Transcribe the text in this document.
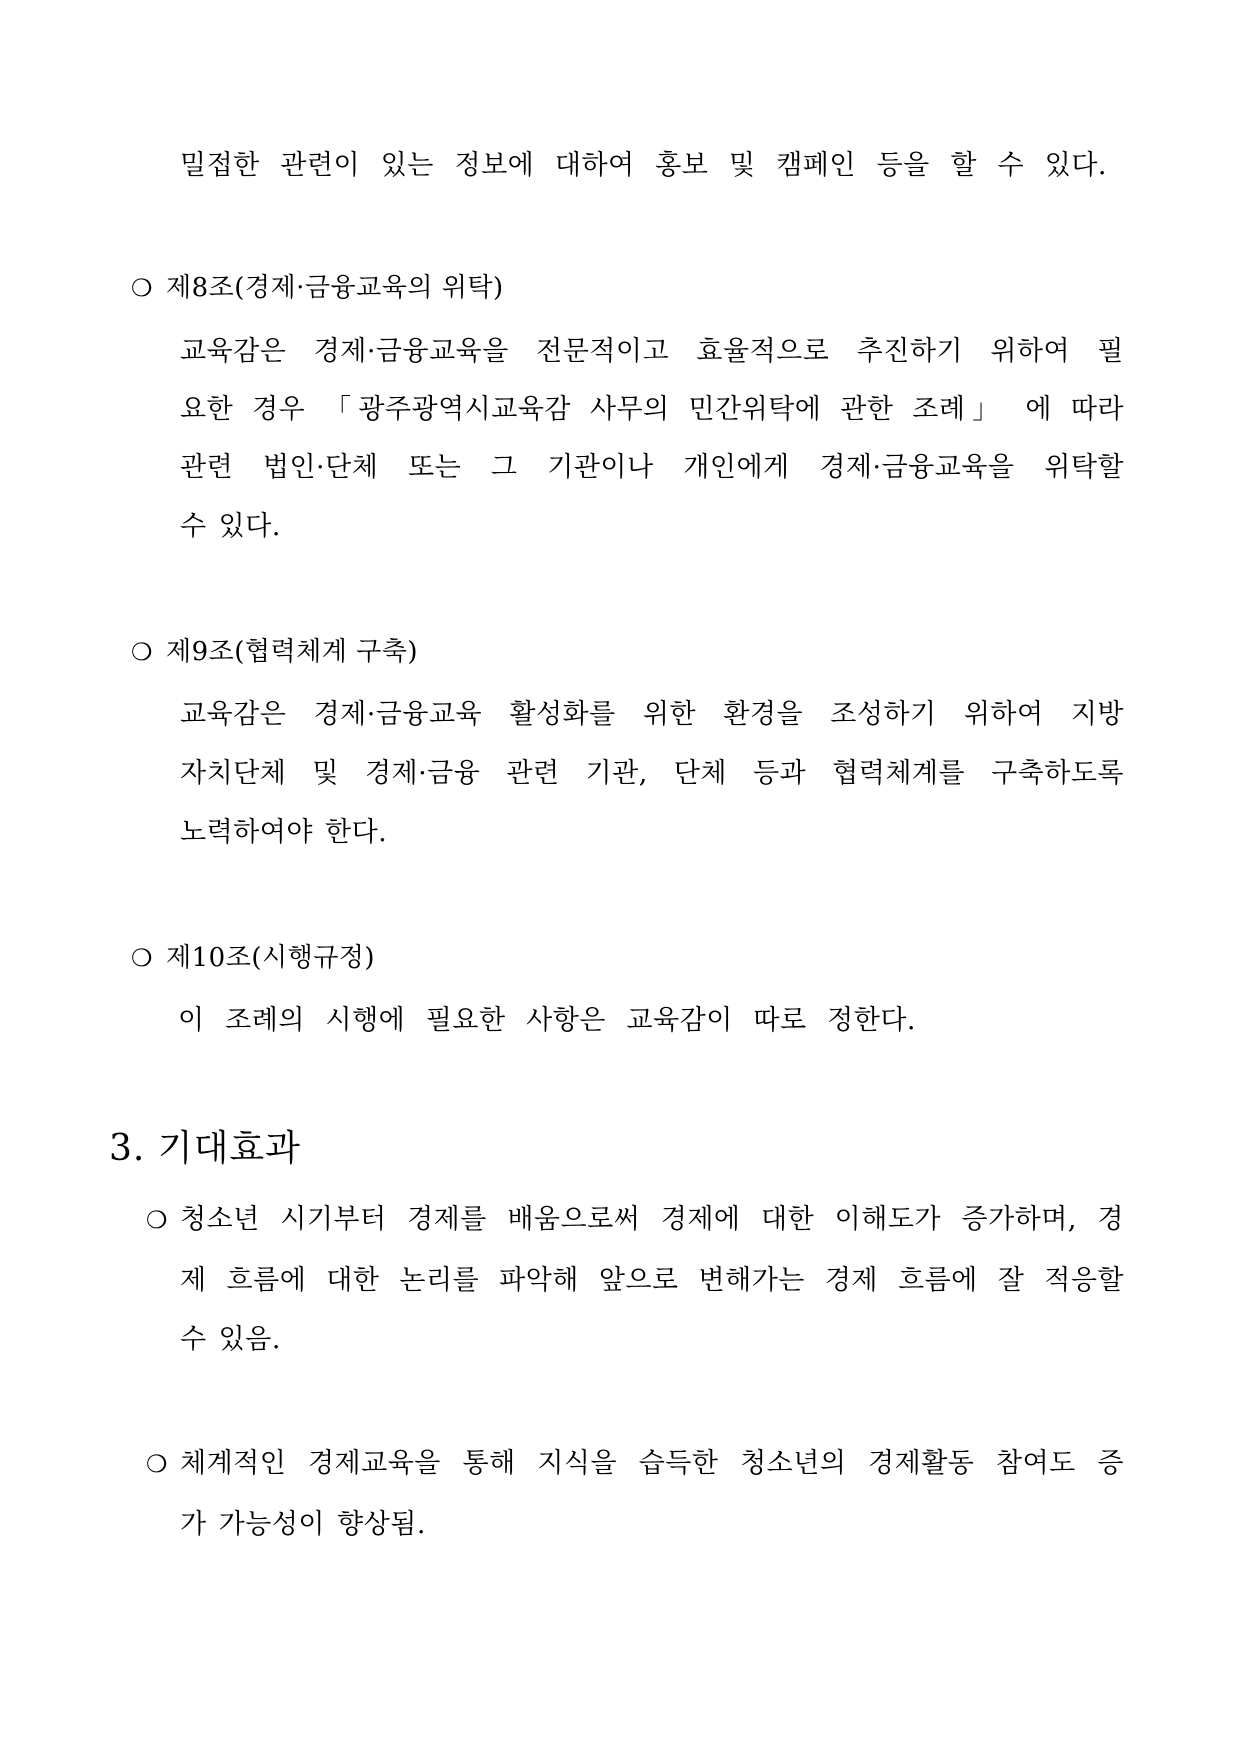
밀접한 관련이 있는 정보에 대하여 홍보 및 캠페인 등을 할 수 있다.
❍ 제8조(경제·금융교육의 위탁)
교육감은 경제·금융교육을 전문적이고 효율적으로 추진하기 위하여 필
요한 경우 「광주광역시교육감 사무의 민간위탁에 관한 조례」 에 따라
관련 법인·단체 또는 그 기관이나 개인에게 경제·금융교육을 위탁할
수 있다.
❍ 제9조(협력체계 구축)
교육감은 경제·금융교육 활성화를 위한 환경을 조성하기 위하여 지방
자치단체 및 경제·금융 관련 기관, 단체 등과 협력체계를 구축하도록
노력하여야 한다.
❍ 제10조(시행규정)
이 조례의 시행에 필요한 사항은 교육감이 따로 정한다.
3. 기대효과
❍ 청소년 시기부터 경제를 배움으로써 경제에 대한 이해도가 증가하며, 경
제 흐름에 대한 논리를 파악해 앞으로 변해가는 경제 흐름에 잘 적응할
수 있음.
❍ 체계적인 경제교육을 통해 지식을 습득한 청소년의 경제활동 참여도 증
가 가능성이 향상됨.
